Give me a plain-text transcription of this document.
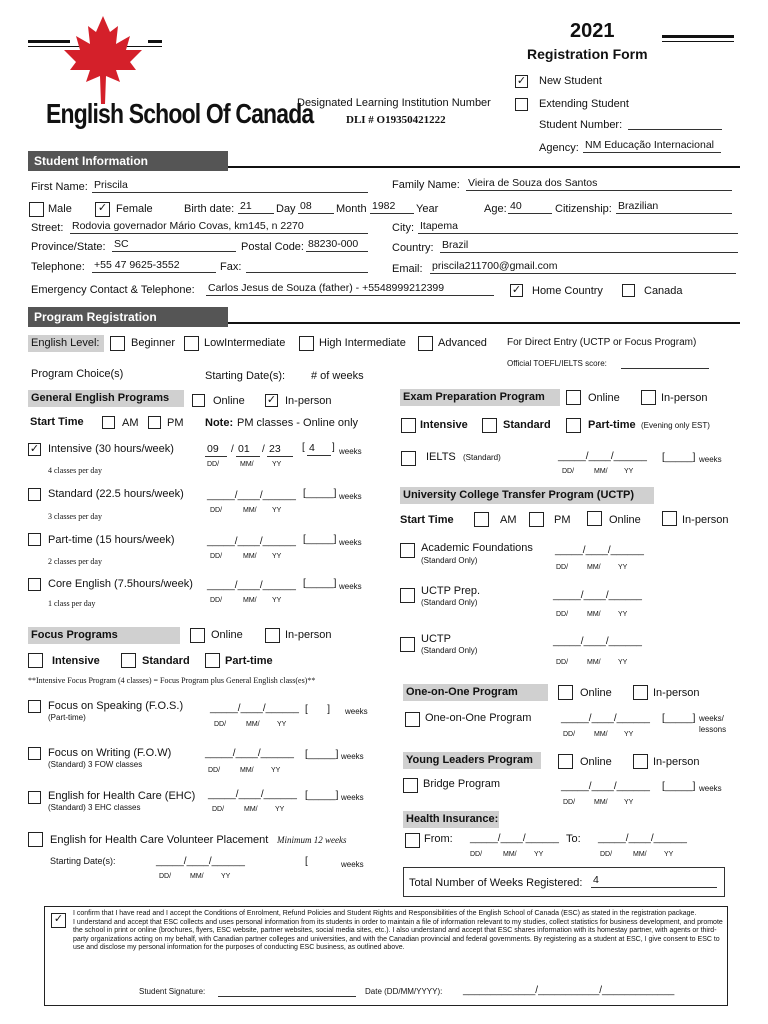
English School Of Canada
2021
Registration Form
Designated Learning Institution Number
DLI # O19350421222
✓ New Student
Extending Student
Student Number:
Agency: NM Educação Internacional
Student Information
First Name: Priscila	Family Name: Vieira de Souza dos Santos
Male ✓ Female	Birth date: 21	Day 08	Month 1982	Year	Age: 40	Citizenship: Brazilian
Street: Rodovia governador Mário Covas, km145, n 2270	City: Itapema
Province/State: SC	Postal Code: 88230-000	Country: Brazil
Telephone: +55 47 9625-3552	Fax:	Email: priscila211700@gmail.com
Emergency Contact & Telephone: Carlos Jesus de Souza (father) - +5548999212399	✓ Home Country	Canada
Program Registration
English Level:	Beginner	LowIntermediate	High Intermediate	Advanced For Direct Entry (UCTP or Focus Program)
Official TOEFL/IELTS score:
Program Choice(s)	Starting Date(s): # of weeks
General English Programs	Online ✓ In-person
Start Time	AM	PM Note: PM classes - Online only
✓ Intensive (30 hours/week)
4 classes per day
09	/ 01	/ 23
DD/	MM/	YY
[ 4	] weeks
Standard (22.5 hours/week)
3 classes per day
_____/____/______
DD/	MM/ YY
[_____] weeks
Part-time (15 hours/week)
2 classes per day
_____/____/______
DD/	MM/ YY
[_____] weeks
Core English (7.5hours/week)
1 class per day
_____/____/______
DD/	MM/ YY
[_____] weeks
Focus Programs	Online	In-person
Intensive	Standard	Part-time
**Intensive Focus Program (4 classes) = Focus Program plus General English class(es)**
Focus on Speaking (F.O.S.)
(Part-time)
_____/____/______
DD/	MM/ YY
[       ] weeks
Focus on Writing (F.O.W)
(Standard) 3 FOW classes
_____/____/______
DD/	MM/ YY
[_____] weeks
English for Health Care (EHC)
(Standard) 3 EHC classes
_____/____/______
DD/	MM/ YY
[_____] weeks
English for Health Care Volunteer Placement Minimum 12 weeks
Starting Date(s):	_____/____/______
DD/	MM/ YY
[	weeks
Exam Preparation Program	Online	In-person
Intensive	Standard	Part-time (Evening only EST)
IELTS (Standard)	_____/____/______
DD/	MM/ YY
[_____] weeks
University College Transfer Program (UCTP)
Start Time	AM	PM	Online	In-person
Academic Foundations
(Standard Only)
_____/____/______
DD/	MM/ YY
UCTP Prep.
(Standard Only)
_____/____/______
DD/	MM/ YY
UCTP
(Standard Only)
_____/____/______
DD/	MM/ YY
One-on-One Program	Online	In-person
One-on-One Program	_____/____/______
DD/	MM/ YY
[_____] weeks/
lessons
Young Leaders Program	Online	In-person
Bridge Program	_____/____/______
DD/	MM/ YY
[_____] weeks
Health Insurance:
From: _____/____/______
DD/	MM/ YY
To: _____/____/______
DD/	MM/ YY
Total Number of Weeks Registered: 4
✓	I confirm that I have read and I accept the Conditions of Enrolment, Refund Policies and Student Rights and Responsibilities of the English School of Canada (ESC) as stated in the registration package.
I understand and accept that ESC collects and uses personal information from its students in order to maintain a file of information relevant to my studies, collect statistics for business development, and promote the school in print or online (brochures, flyers, ESC website, partner websites, social media sites, etc.). I also understand and accept that ESC shares information with its homestay partner, with agents or third-party organizations acting on my behalf, with Canadian partner colleges and universities, and with the Canadian provincial and federal governments. By registering as a student at ESC, I give consent to ESC to use and disclose my personal information for the purposes of conducting ESC business, as outlined above.
Student Signature:	Date (DD/MM/YYYY): _____________/___________/_____________
